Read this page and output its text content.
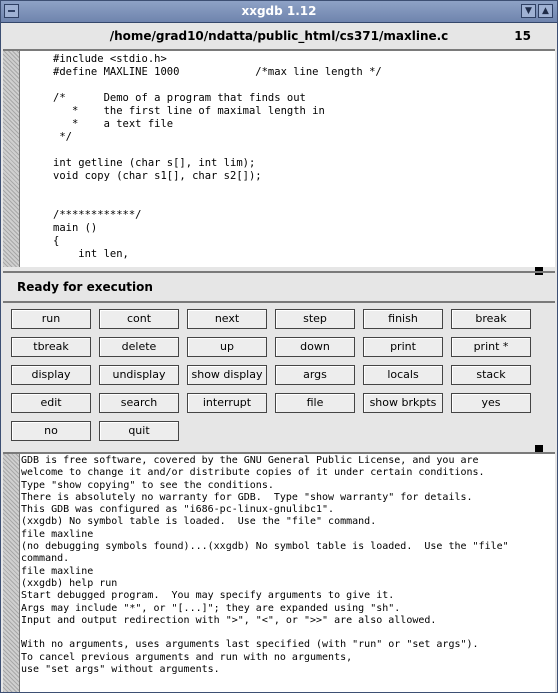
xxgdb 1.12	▼	▲
/home/grad10/ndatta/public_html/cs371/maxline.c	15
#include <stdio.h>
#define MAXLINE 1000            /*max line length */

/*      Demo of a program that finds out
*    the first line of maximal length in
*    a text file
*/

int getline (char s[], int lim);
void copy (char s1[], char s2[]);

/************/
main ()
{
int len,
Ready for execution
run	cont	next	step	finish	break
tbreak	delete	up	down	print	print *
display	undisplay	show display	args	locals	stack
edit	search	interrupt	file	show brkpts	yes
no	quit
GDB is free software, covered by the GNU General Public License, and you are
welcome to change it and/or distribute copies of it under certain conditions.
Type "show copying" to see the conditions.
There is absolutely no warranty for GDB.  Type "show warranty" for details.
This GDB was configured as "i686-pc-linux-gnulibc1".
(xxgdb) No symbol table is loaded.  Use the "file" command.
file maxline
(no debugging symbols found)...(xxgdb) No symbol table is loaded.  Use the "file"
command.
file maxline
(xxgdb) help run
Start debugged program.  You may specify arguments to give it.
Args may include "*", or "[...]"; they are expanded using "sh".
Input and output redirection with ">", "<", or ">>" are also allowed.

With no arguments, uses arguments last specified (with "run" or "set args").
To cancel previous arguments and run with no arguments,
use "set args" without arguments.
